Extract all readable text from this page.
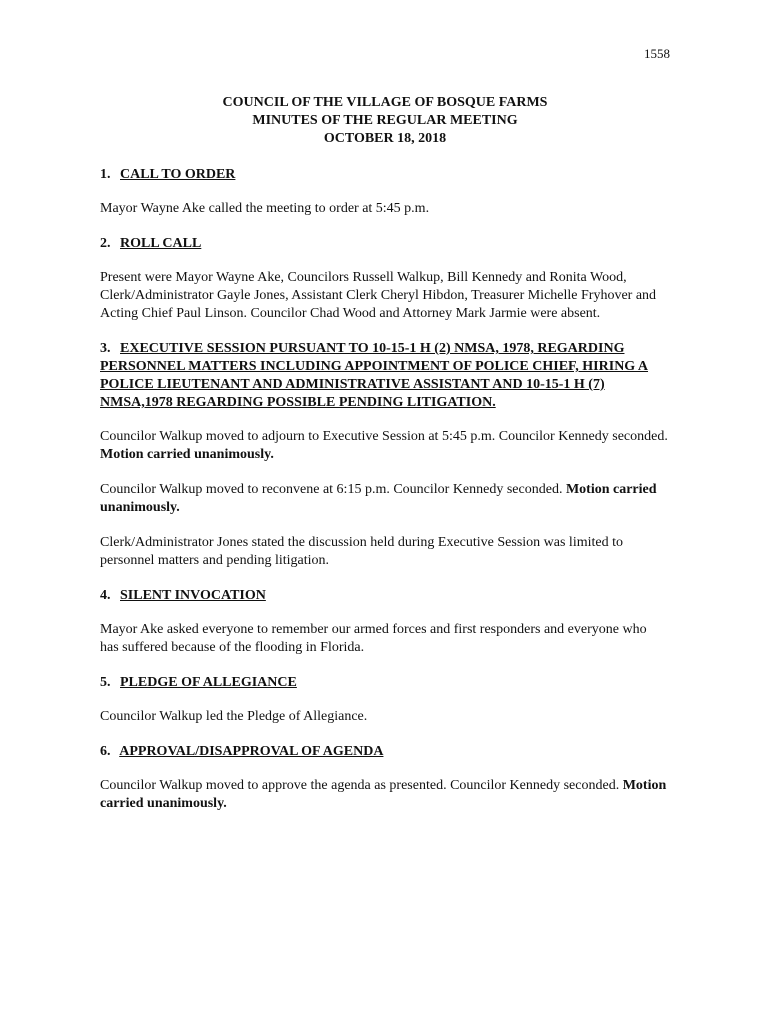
1558
COUNCIL OF THE VILLAGE OF BOSQUE FARMS
MINUTES OF THE REGULAR MEETING
OCTOBER 18, 2018
1. CALL TO ORDER

Mayor Wayne Ake called the meeting to order at 5:45 p.m.

2. ROLL CALL

Present were Mayor Wayne Ake, Councilors Russell Walkup, Bill Kennedy and Ronita Wood, Clerk/Administrator Gayle Jones, Assistant Clerk Cheryl Hibdon, Treasurer Michelle Fryhover and Acting Chief Paul Linson. Councilor Chad Wood and Attorney Mark Jarmie were absent.

3. EXECUTIVE SESSION PURSUANT TO 10-15-1 H (2) NMSA, 1978, REGARDING PERSONNEL MATTERS INCLUDING APPOINTMENT OF POLICE CHIEF, HIRING A POLICE LIEUTENANT AND ADMINISTRATIVE ASSISTANT AND 10-15-1 H (7) NMSA,1978 REGARDING POSSIBLE PENDING LITIGATION.

Councilor Walkup moved to adjourn to Executive Session at 5:45 p.m. Councilor Kennedy seconded. Motion carried unanimously.

Councilor Walkup moved to reconvene at 6:15 p.m. Councilor Kennedy seconded. Motion carried unanimously.

Clerk/Administrator Jones stated the discussion held during Executive Session was limited to personnel matters and pending litigation.

4. SILENT INVOCATION

Mayor Ake asked everyone to remember our armed forces and first responders and everyone who has suffered because of the flooding in Florida.

5. PLEDGE OF ALLEGIANCE

Councilor Walkup led the Pledge of Allegiance.

6. APPROVAL/DISAPPROVAL OF AGENDA

Councilor Walkup moved to approve the agenda as presented. Councilor Kennedy seconded. Motion carried unanimously.
